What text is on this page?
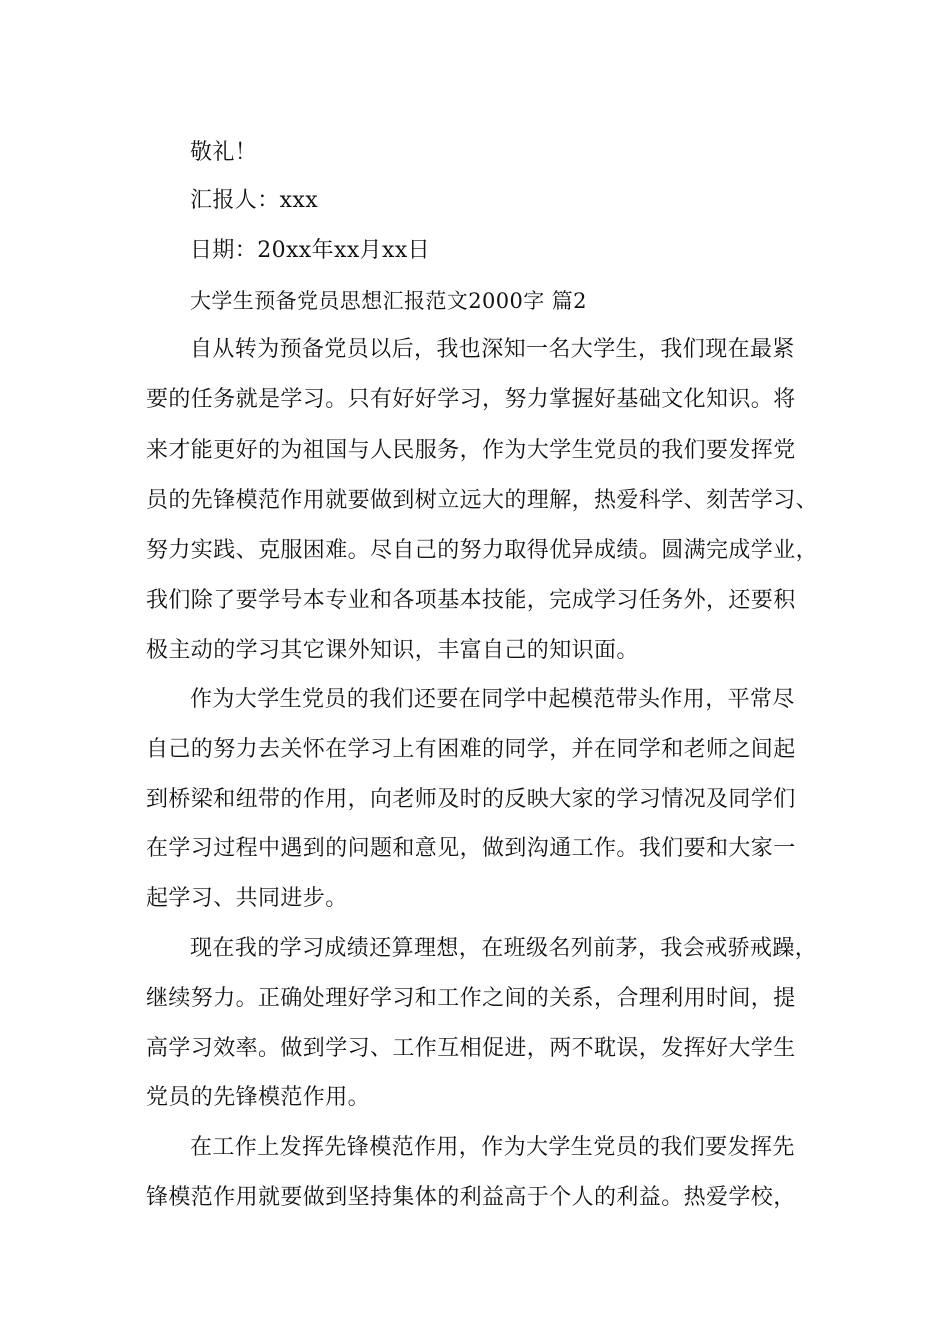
敬礼！
汇报人：xxx
日期：20xx年xx月xx日
大学生预备党员思想汇报范文2000字 篇2
自从转为预备党员以后，我也深知一名大学生，我们现在最紧
要的任务就是学习。只有好好学习，努力掌握好基础文化知识。将
来才能更好的为祖国与人民服务，作为大学生党员的我们要发挥党
员的先锋模范作用就要做到树立远大的理解，热爱科学、刻苦学习、
努力实践、克服困难。尽自己的努力取得优异成绩。圆满完成学业，
我们除了要学号本专业和各项基本技能，完成学习任务外，还要积
极主动的学习其它课外知识，丰富自己的知识面。
作为大学生党员的我们还要在同学中起模范带头作用，平常尽
自己的努力去关怀在学习上有困难的同学，并在同学和老师之间起
到桥梁和纽带的作用，向老师及时的反映大家的学习情况及同学们
在学习过程中遇到的问题和意见，做到沟通工作。我们要和大家一
起学习、共同进步。
现在我的学习成绩还算理想，在班级名列前茅，我会戒骄戒躁，
继续努力。正确处理好学习和工作之间的关系，合理利用时间，提
高学习效率。做到学习、工作互相促进，两不耽误，发挥好大学生
党员的先锋模范作用。
在工作上发挥先锋模范作用，作为大学生党员的我们要发挥先
锋模范作用就要做到坚持集体的利益高于个人的利益。热爱学校，
